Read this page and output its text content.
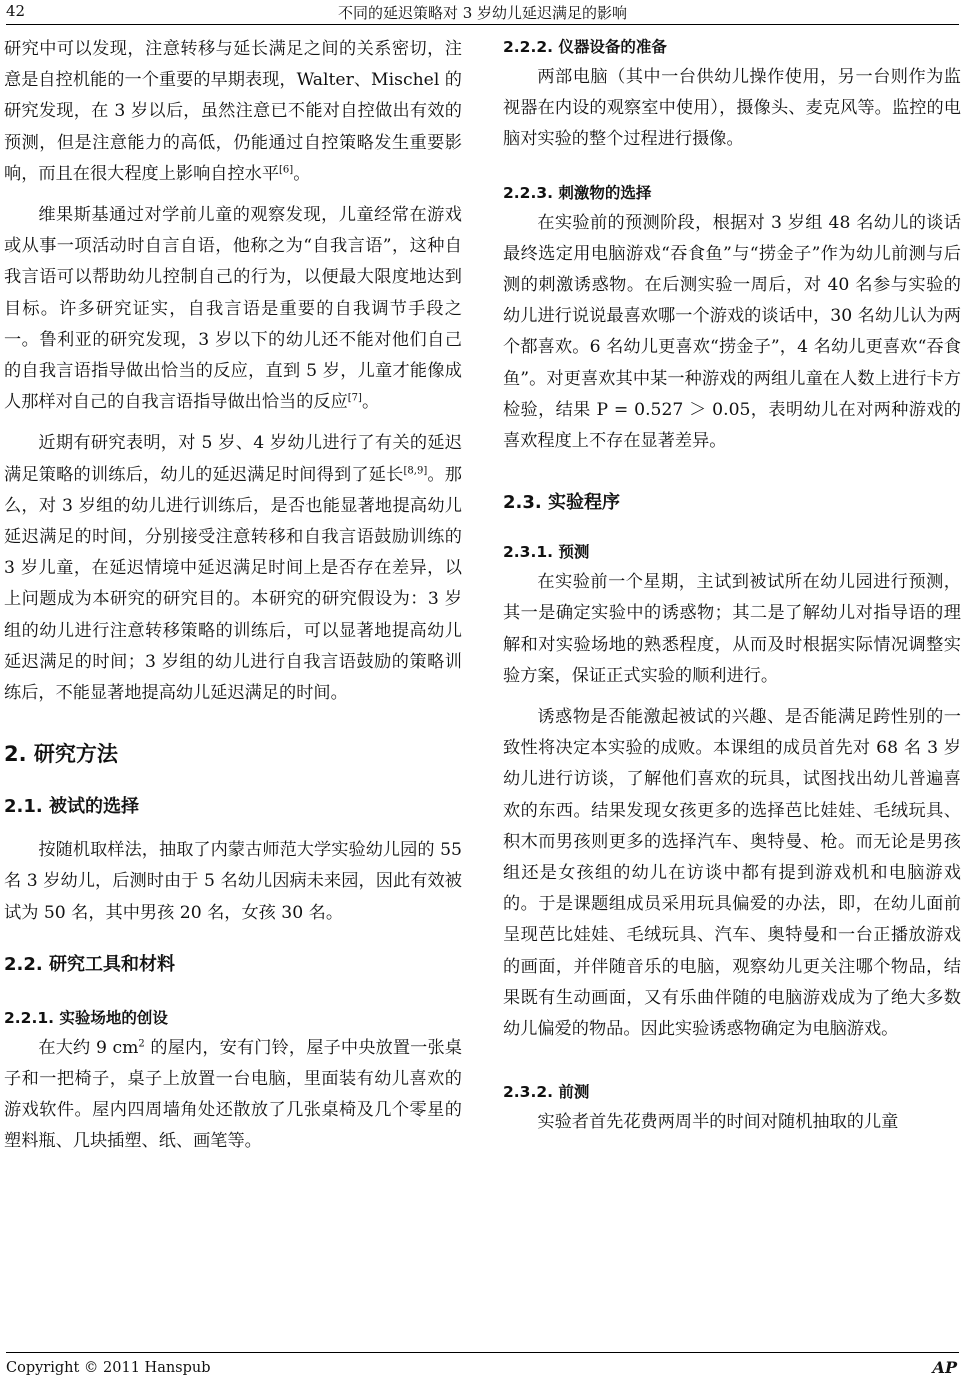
42	不同的延迟策略对 3 岁幼儿延迟满足的影响

研究中可以发现，注意转移与延长满足之间的关系密切，注意是自控机能的一个重要的早期表现，Walter、Mischel 的研究发现，在 3 岁以后，虽然注意已不能对自控做出有效的预测，但是注意能力的高低，仍能通过自控策略发生重要影响，而且在很大程度上影响自控水平[6]。

维果斯基通过对学前儿童的观察发现，儿童经常在游戏或从事一项活动时自言自语，他称之为“自我言语”，这种自我言语可以帮助幼儿控制自己的行为，以便最大限度地达到目标。许多研究证实，自我言语是重要的自我调节手段之一。鲁利亚的研究发现，3 岁以下的幼儿还不能对他们自己的自我言语指导做出恰当的反应，直到 5 岁，儿童才能像成人那样对自己的自我言语指导做出恰当的反应[7]。

近期有研究表明，对 5 岁、4 岁幼儿进行了有关的延迟满足策略的训练后，幼儿的延迟满足时间得到了延长[8,9]。那么，对 3 岁组的幼儿进行训练后，是否也能显著地提高幼儿延迟满足的时间，分别接受注意转移和自我言语鼓励训练的 3 岁儿童，在延迟情境中延迟满足时间上是否存在差异，以上问题成为本研究的研究目的。本研究的研究假设为：3 岁组的幼儿进行注意转移策略的训练后，可以显著地提高幼儿延迟满足的时间；3 岁组的幼儿进行自我言语鼓励的策略训练后，不能显著地提高幼儿延迟满足的时间。

2. 研究方法
2.1. 被试的选择

按随机取样法，抽取了内蒙古师范大学实验幼儿园的 55 名 3 岁幼儿，后测时由于 5 名幼儿因病未来园，因此有效被试为 50 名，其中男孩 20 名，女孩 30 名。

2.2. 研究工具和材料
2.2.1. 实验场地的创设

在大约 9 $cm^2$ 的屋内，安有门铃，屋子中央放置一张桌子和一把椅子，桌子上放置一台电脑，里面装有幼儿喜欢的游戏软件。屋内四周墙角处还散放了几张桌椅及几个零星的塑料瓶、几块插塑、纸、画笔等。

2.2.2. 仪器设备的准备

两部电脑（其中一台供幼儿操作使用，另一台则作为监视器在内设的观察室中使用），摄像头、麦克风等。监控的电脑对实验的整个过程进行摄像。

2.2.3. 刺激物的选择

在实验前的预测阶段，根据对 3 岁组 48 名幼儿的谈话最终选定用电脑游戏“吞食鱼”与“捞金子”作为幼儿前测与后测的刺激诱惑物。在后测实验一周后，对 40 名参与实验的幼儿进行说说最喜欢哪一个游戏的谈话中，30 名幼儿认为两个都喜欢。6 名幼儿更喜欢“捞金子”，4 名幼儿更喜欢“吞食鱼”。对更喜欢其中某一种游戏的两组儿童在人数上进行卡方检验，结果 P = 0.527 ＞ 0.05，表明幼儿在对两种游戏的喜欢程度上不存在显著差异。

2.3. 实验程序
2.3.1. 预测

在实验前一个星期，主试到被试所在幼儿园进行预测，其一是确定实验中的诱惑物；其二是了解幼儿对指导语的理解和对实验场地的熟悉程度，从而及时根据实际情况调整实验方案，保证正式实验的顺利进行。

诱惑物是否能激起被试的兴趣、是否能满足跨性别的一致性将决定本实验的成败。本课组的成员首先对 68 名 3 岁幼儿进行访谈，了解他们喜欢的玩具，试图找出幼儿普遍喜欢的东西。结果发现女孩更多的选择芭比娃娃、毛绒玩具、积木而男孩则更多的选择汽车、奥特曼、枪。而无论是男孩组还是女孩组的幼儿在访谈中都有提到游戏机和电脑游戏的。于是课题组成员采用玩具偏爱的办法，即，在幼儿面前呈现芭比娃娃、毛绒玩具、汽车、奥特曼和一台正播放游戏的画面，并伴随音乐的电脑，观察幼儿更关注哪个物品，结果既有生动画面，又有乐曲伴随的电脑游戏成为了绝大多数幼儿偏爱的物品。因此实验诱惑物确定为电脑游戏。

2.3.2. 前测

实验者首先花费两周半的时间对随机抽取的儿童

Copyright © 2011 Hanspub	AP
